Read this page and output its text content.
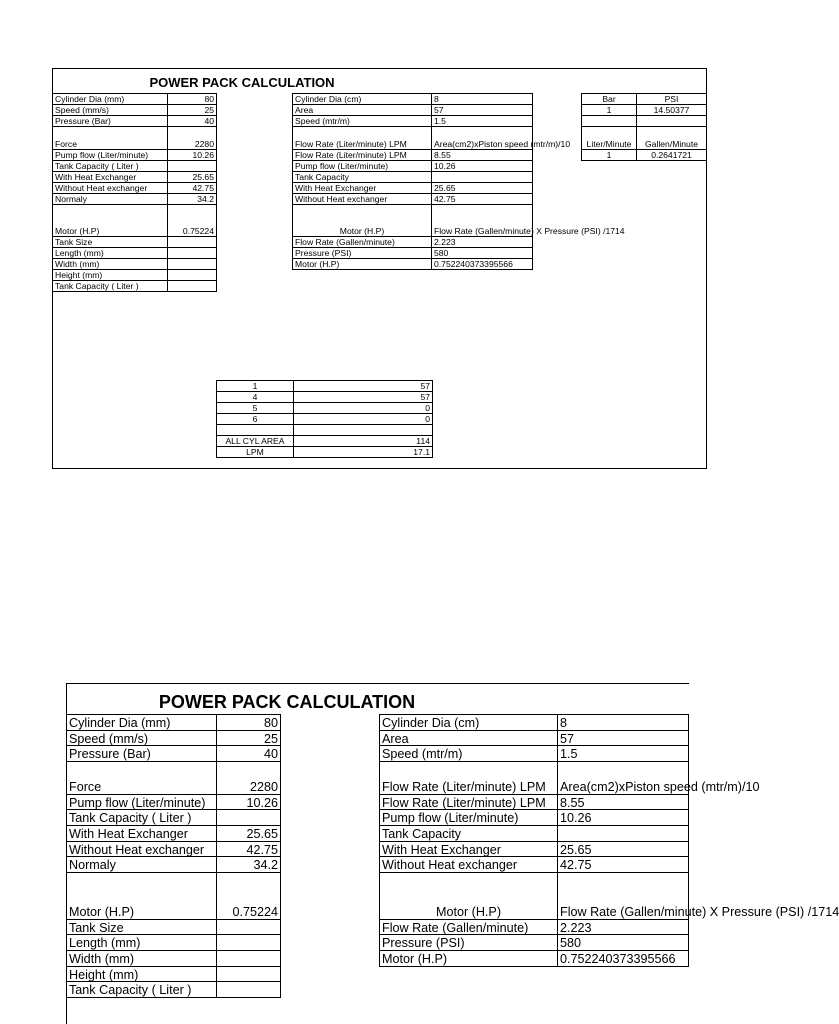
POWER PACK CALCULATION
Cylinder Dia (mm)	80
Speed (mm/s)	25
Pressure (Bar)	40
Force	2280
Pump flow (Liter/minute)	10.26
Tank Capacity ( Liter )	
With Heat Exchanger	25.65
Without Heat exchanger	42.75
Normaly	34.2
Motor (H.P)	0.75224
Tank Size	
Length (mm)	
Width (mm)	
Height (mm)	
Tank Capacity ( Liter )	
Cylinder Dia (cm)	8
Area	57
Speed (mtr/m)	1.5
Flow Rate (Liter/minute) LPM	Area(cm2)xPiston speed (mtr/m)/10
Flow Rate (Liter/minute) LPM	8.55
Pump flow (Liter/minute)	10.26
Tank Capacity	
With Heat Exchanger	25.65
Without Heat exchanger	42.75
Motor (H.P)	Flow Rate (Gallen/minute) X Pressure (PSI) /1714
Flow Rate (Gallen/minute)	2.223
Pressure (PSI)	580
Motor (H.P)	0.752240373395566
Bar	PSI
1	14.50377

Liter/Minute	Gallen/Minute
1	0.2641721
1	57
4	57
5	0
6	0

ALL CYL AREA	114
LPM	17.1
POWER PACK CALCULATION
Cylinder Dia (mm)	80
Speed (mm/s)	25
Pressure (Bar)	40
Force	2280
Pump flow (Liter/minute)	10.26
Tank Capacity ( Liter )	
With Heat Exchanger	25.65
Without Heat exchanger	42.75
Normaly	34.2
Motor (H.P)	0.75224
Tank Size	
Length (mm)	
Width (mm)	
Height (mm)	
Tank Capacity ( Liter )	
Cylinder Dia (cm)	8
Area	57
Speed (mtr/m)	1.5
Flow Rate (Liter/minute) LPM	Area(cm2)xPiston speed (mtr/m)/10
Flow Rate (Liter/minute) LPM	8.55
Pump flow (Liter/minute)	10.26
Tank Capacity	
With Heat Exchanger	25.65
Without Heat exchanger	42.75
Motor (H.P)	Flow Rate (Gallen/minute) X Pressure (PSI) /1714
Flow Rate (Gallen/minute)	2.223
Pressure (PSI)	580
Motor (H.P)	0.752240373395566
